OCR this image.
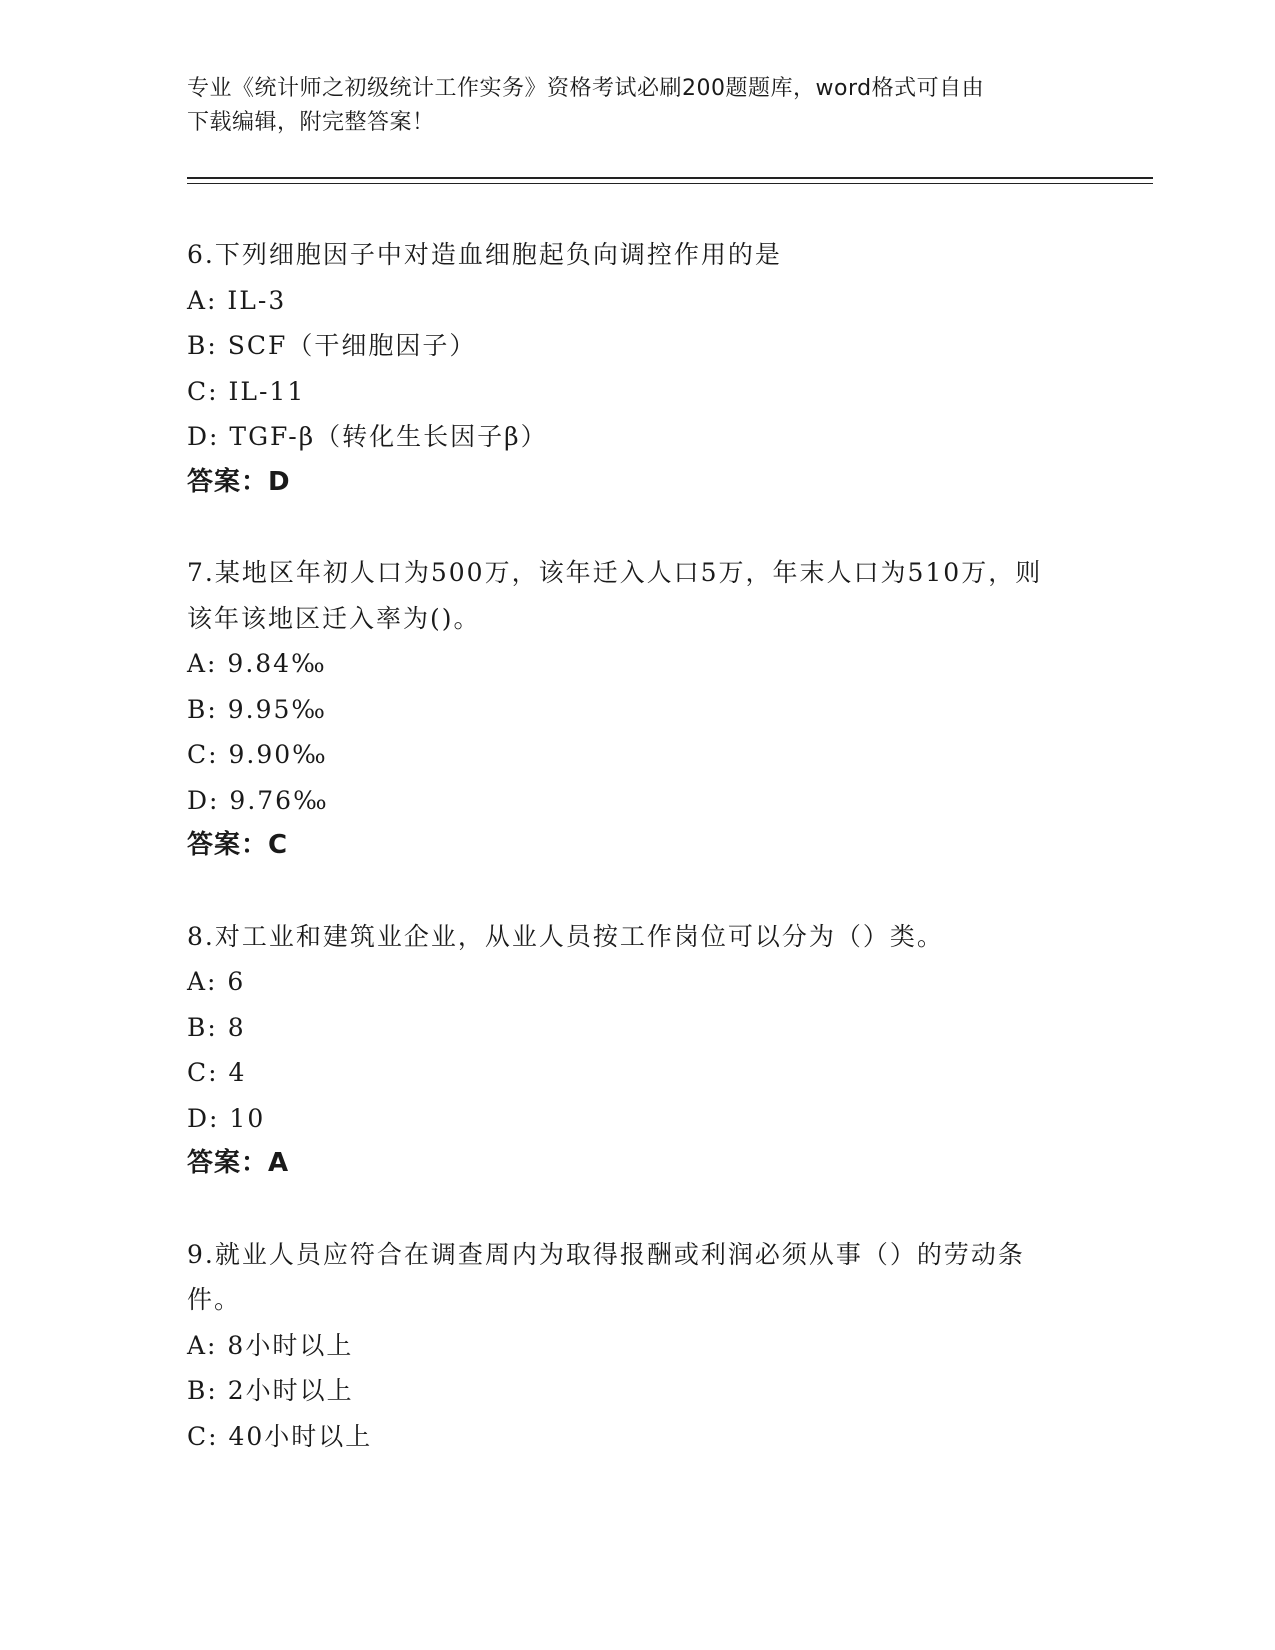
专业《统计师之初级统计工作实务》资格考试必刷200题题库，word格式可自由
下载编辑，附完整答案！
6.下列细胞因子中对造血细胞起负向调控作用的是
A: IL-3
B: SCF（干细胞因子）
C: IL-11
D: TGF-β（转化生长因子β）
答案：D
7.某地区年初人口为500万，该年迁入人口5万，年末人口为510万，则该年该地区迁入率为()。
A: 9.84‰
B: 9.95‰
C: 9.90‰
D: 9.76‰
答案：C
8.对工业和建筑业企业，从业人员按工作岗位可以分为（）类。
A: 6
B: 8
C: 4
D: 10
答案：A
9.就业人员应符合在调查周内为取得报酬或利润必须从事（）的劳动条件。
A: 8小时以上
B: 2小时以上
C: 40小时以上
